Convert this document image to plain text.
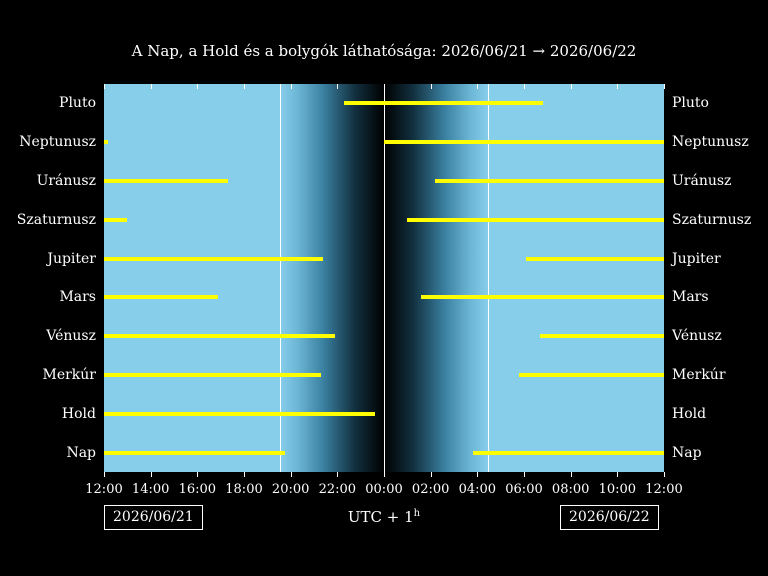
A Nap, a Hold és a bolygók láthatósága: 2026/06/21 → 2026/06/22
Pluto
Neptunusz
Uránusz
Szaturnusz
Jupiter
Mars
Vénusz
Merkúr
Hold
Nap
Pluto
Neptunusz
Uránusz
Szaturnusz
Jupiter
Mars
Vénusz
Merkúr
Hold
Nap
12:00 14:00 16:00 18:00 20:00 22:00 00:00 02:00 04:00 06:00 08:00 10:00 12:00
2026/06/21	2026/06/22
UTC + $1^h$
